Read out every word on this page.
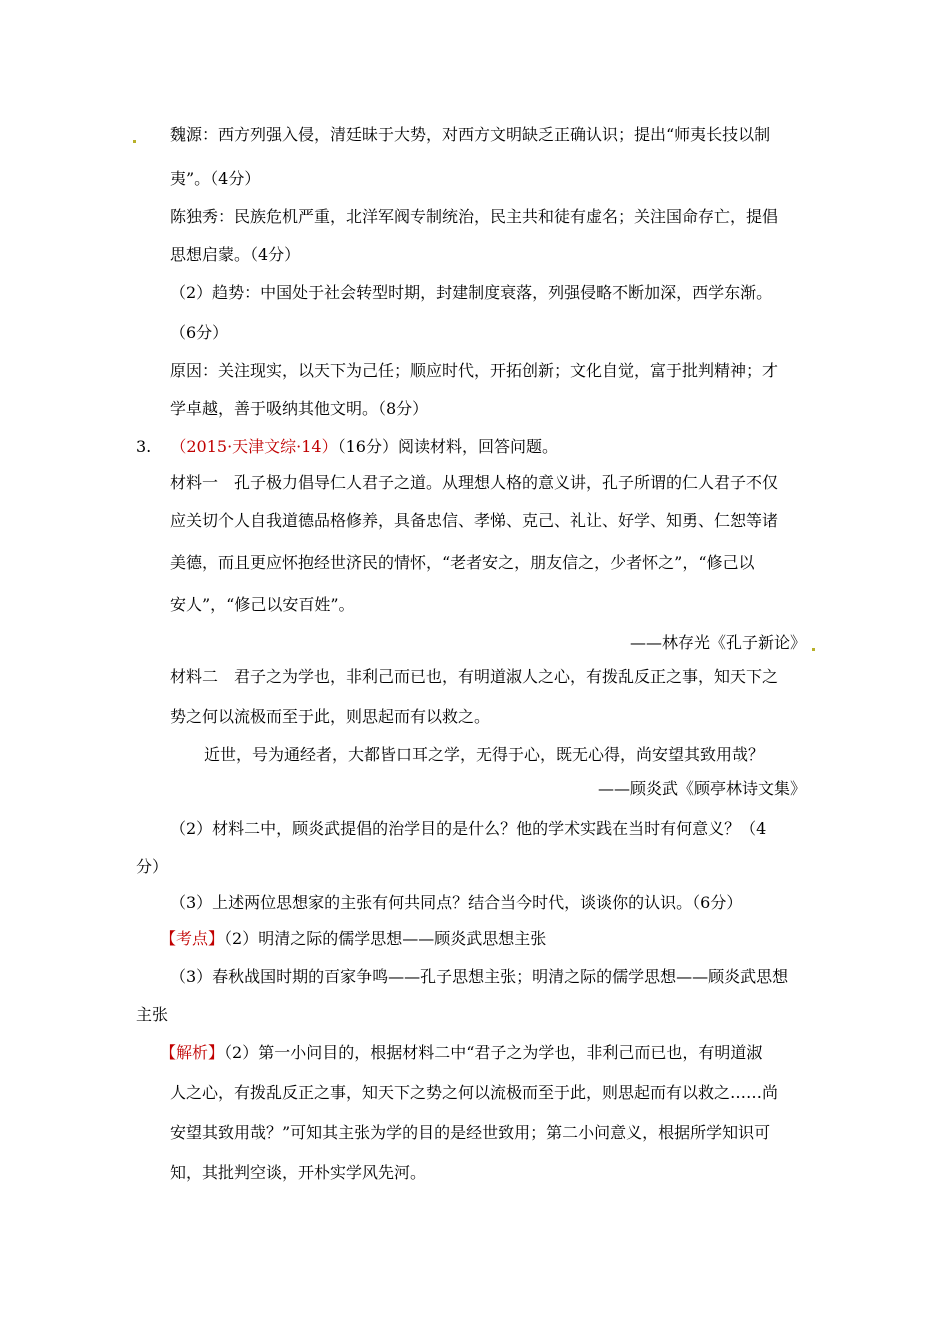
魏源：西方列强入侵，清廷昧于大势，对西方文明缺乏正确认识；提出“师夷长技以制
夷”。（4分）
陈独秀：民族危机严重，北洋军阀专制统治，民主共和徒有虚名；关注国命存亡，提倡
思想启蒙。（4分）
（2）趋势：中国处于社会转型时期，封建制度衰落，列强侵略不断加深，西学东渐。
（6分）
原因：关注现实，以天下为己任；顺应时代，开拓创新；文化自觉，富于批判精神；才
学卓越，善于吸纳其他文明。（8分）
3. （2015·天津文综·14）（16分）阅读材料，回答问题。
材料一　孔子极力倡导仁人君子之道。从理想人格的意义讲，孔子所谓的仁人君子不仅
应关切个人自我道德品格修养，具备忠信、孝悌、克己、礼让、好学、知勇、仁恕等诸
美德，而且更应怀抱经世济民的情怀，“老者安之，朋友信之，少者怀之”，“修己以
安人”，“修己以安百姓”。
——林存光《孔子新论》
材料二　君子之为学也，非利己而已也，有明道淑人之心，有拨乱反正之事，知天下之
势之何以流极而至于此，则思起而有以救之。
近世，号为通经者，大都皆口耳之学，无得于心，既无心得，尚安望其致用哉？
——顾炎武《顾亭林诗文集》
（2）材料二中，顾炎武提倡的治学目的是什么？他的学术实践在当时有何意义？（4
分）
（3）上述两位思想家的主张有何共同点？结合当今时代，谈谈你的认识。（6分）
【考点】（2）明清之际的儒学思想——顾炎武思想主张
（3）春秋战国时期的百家争鸣——孔子思想主张；明清之际的儒学思想——顾炎武思想
主张
【解析】（2）第一小问目的，根据材料二中“君子之为学也，非利己而已也，有明道淑
人之心，有拨乱反正之事，知天下之势之何以流极而至于此，则思起而有以救之……尚
安望其致用哉？”可知其主张为学的目的是经世致用；第二小问意义，根据所学知识可
知，其批判空谈，开朴实学风先河。
